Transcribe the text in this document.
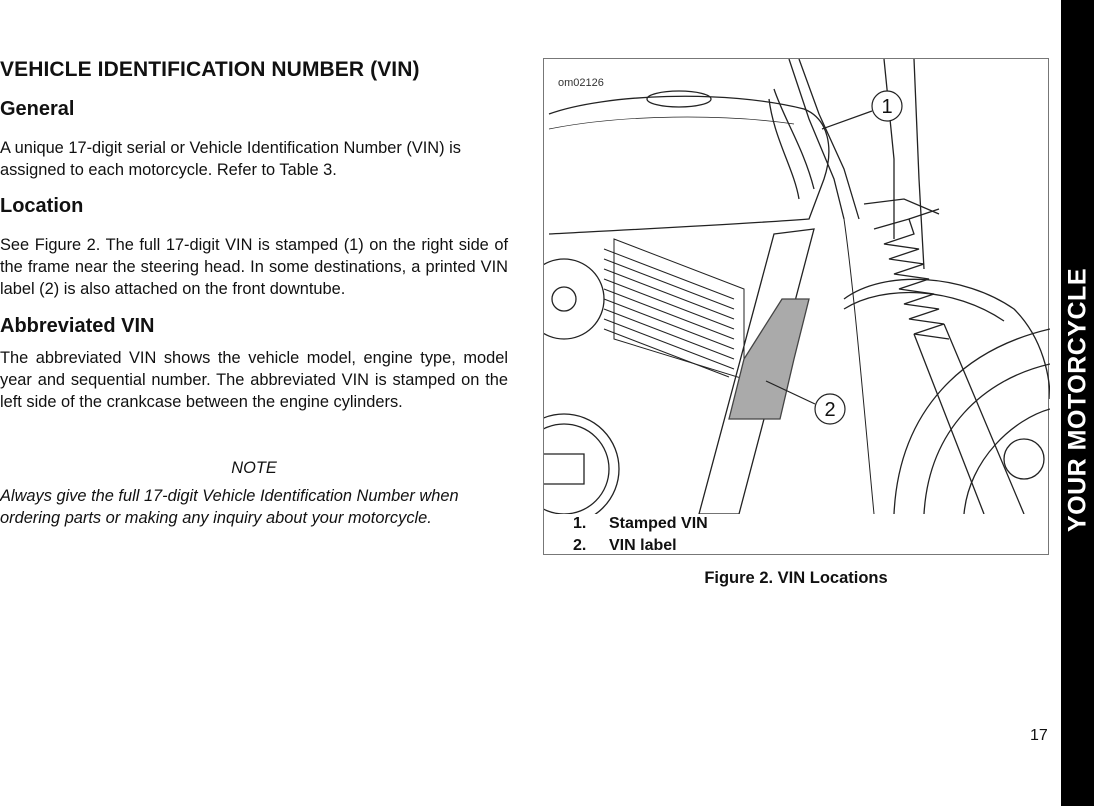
VEHICLE IDENTIFICATION NUMBER (VIN)
General

A unique 17-digit serial or Vehicle Identification Number (VIN) is assigned to each motorcycle. Refer to Table 3.

Location

See Figure 2. The full 17-digit VIN is stamped (1) on the right side of the frame near the steering head. In some destinations, a printed VIN label (2) is also attached on the front downtube.

Abbreviated VIN

The abbreviated VIN shows the vehicle model, engine type, model year and sequential number. The abbreviated VIN is stamped on the left side of the crankcase between the engine cylinders.

NOTE

Always give the full 17-digit Vehicle Identification Number when ordering parts or making any inquiry about your motorcycle.

1
2
om02126
1. Stamped VIN
2. VIN label
Figure 2. VIN Locations
YOUR MOTORCYCLE
17
